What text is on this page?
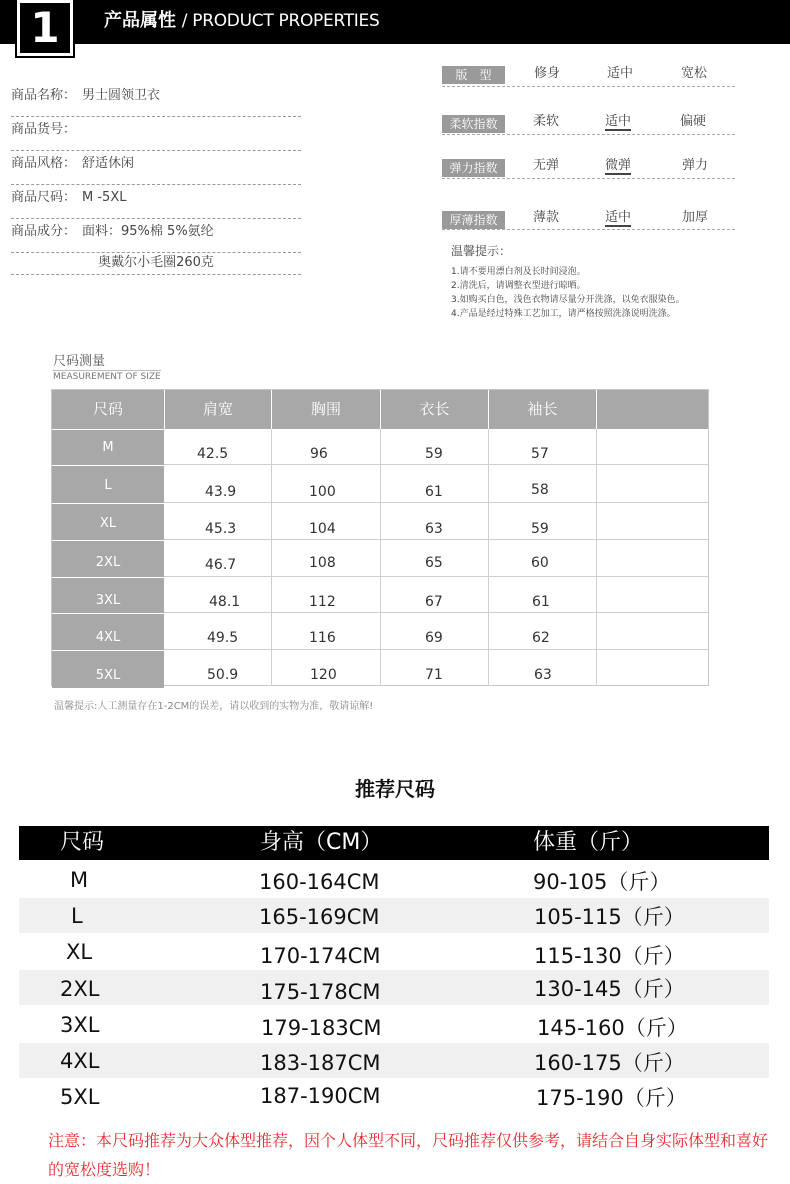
1	产品属性 / PRODUCT PROPERTIES
商品名称： 男士圆领卫衣
商品货号：
商品风格： 舒适休闲
商品尺码： M -5XL
商品成分： 面料：95%棉 5%氨纶
奥戴尔小毛圈260克
版　型	修身	适中	宽松
柔软指数	柔软	适中	偏硬
弹力指数	无弹	微弹	弹力
厚薄指数	薄款	适中	加厚
温馨提示：
1.请不要用漂白剂及长时间浸泡。
2.清洗后，请调整衣型进行晾晒。
3.如购买白色，浅色衣物请尽量分开洗涤，以免衣服染色。
4.产品是经过特殊工艺加工，请严格按照洗涤说明洗涤。
尺码测量
MEASUREMENT OF SIZE
尺码	肩宽	胸围	衣长	袖长
M	42.5	96	59	57
L	43.9	100	61	58
XL	45.3	104	63	59
2XL	46.7	108	65	60
3XL	48.1	112	67	61
4XL	49.5	116	69	62
5XL	50.9	120	71	63
温馨提示:人工测量存在1-2CM的误差，请以收到的实物为准，敬请谅解!
推荐尺码
尺码	身高（CM）	体重（斤）
M	160-164CM	90-105（斤）
L	165-169CM	105-115（斤）
XL	170-174CM	115-130（斤）
2XL	175-178CM	130-145（斤）
3XL	179-183CM	145-160（斤）
4XL	183-187CM	160-175（斤）
5XL	187-190CM	175-190（斤）
注意：本尺码推荐为大众体型推荐，因个人体型不同，尺码推荐仅供参考，请结合自身实际体型和喜好的宽松度选购！
